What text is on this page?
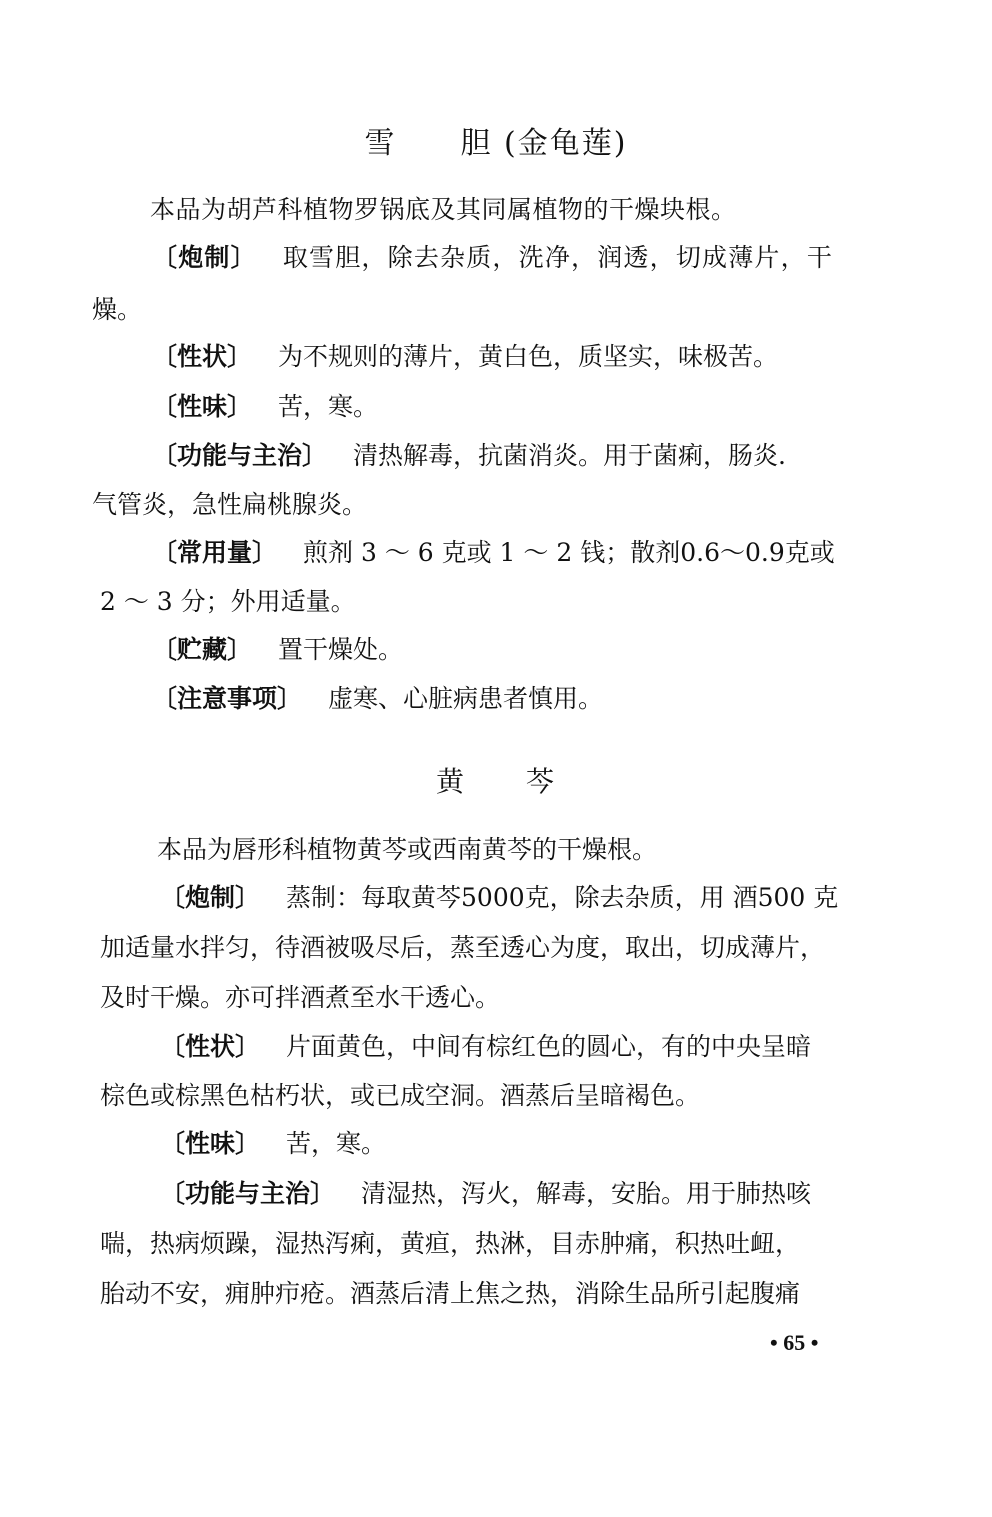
雪　　胆 (金龟莲)
本品为胡芦科植物罗锅底及其同属植物的干燥块根。
〔炮制〕 取雪胆，除去杂质，洗净，润透，切成薄片，干
燥。
〔性状〕 为不规则的薄片，黄白色，质坚实，味极苦。
〔性味〕 苦，寒。
〔功能与主治〕 清热解毒，抗菌消炎。用于菌痢，肠炎.
气管炎，急性扁桃腺炎。
〔常用量〕 煎剂 3 ～ 6 克或 1 ～ 2 钱；散剂0.6～0.9克或
2 ～ 3 分；外用适量。
〔贮藏〕 置干燥处。
〔注意事项〕 虚寒、心脏病患者慎用。
黄　　芩
本品为唇形科植物黄芩或西南黄芩的干燥根。
〔炮制〕 蒸制：每取黄芩5000克，除去杂质，用 酒500 克
加适量水拌匀，待酒被吸尽后，蒸至透心为度，取出，切成薄片，
及时干燥。亦可拌酒煮至水干透心。
〔性状〕 片面黄色，中间有棕红色的圆心，有的中央呈暗
棕色或棕黑色枯朽状，或已成空洞。酒蒸后呈暗褐色。
〔性味〕 苦，寒。
〔功能与主治〕 清湿热，泻火，解毒，安胎。用于肺热咳
喘，热病烦躁，湿热泻痢，黄疸，热淋，目赤肿痛，积热吐衄，
胎动不安，痈肿疖疮。酒蒸后清上焦之热，消除生品所引起腹痛
• 65 •
